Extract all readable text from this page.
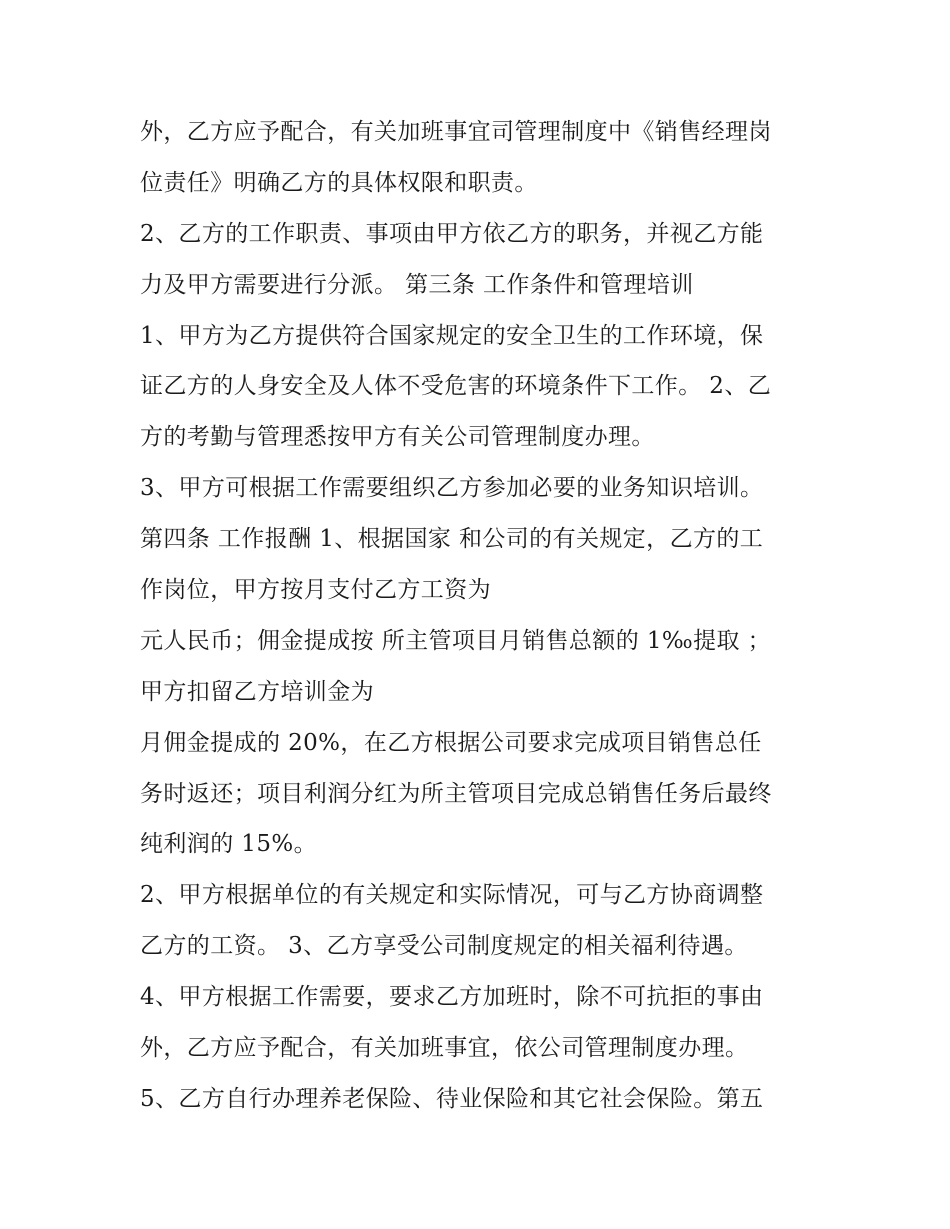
外，乙方应予配合，有关加班事宜司管理制度中《销售经理岗
位责任》明确乙方的具体权限和职责。
2、乙方的工作职责、事项由甲方依乙方的职务，并视乙方能
力及甲方需要进行分派。 第三条 工作条件和管理培训
1、甲方为乙方提供符合国家规定的安全卫生的工作环境，保
证乙方的人身安全及人体不受危害的环境条件下工作。 2、乙
方的考勤与管理悉按甲方有关公司管理制度办理。
3、甲方可根据工作需要组织乙方参加必要的业务知识培训。
第四条 工作报酬 1、根据国家 和公司的有关规定，乙方的工
作岗位，甲方按月支付乙方工资为
元人民币；佣金提成按 所主管项目月销售总额的 1‰提取 ；
甲方扣留乙方培训金为
月佣金提成的 20%，在乙方根据公司要求完成项目销售总任
务时返还；项目利润分红为所主管项目完成总销售任务后最终
纯利润的 15%。
2、甲方根据单位的有关规定和实际情况，可与乙方协商调整
乙方的工资。 3、乙方享受公司制度规定的相关福利待遇。
4、甲方根据工作需要，要求乙方加班时，除不可抗拒的事由
外，乙方应予配合，有关加班事宜，依公司管理制度办理。
5、乙方自行办理养老保险、待业保险和其它社会保险。第五
